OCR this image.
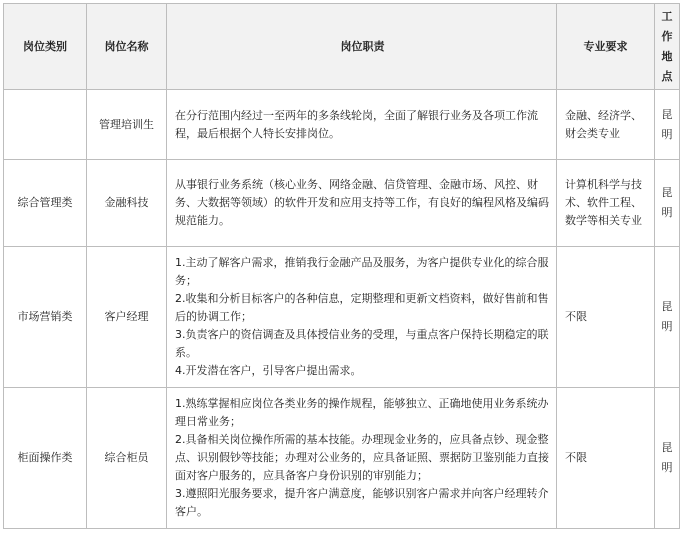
岗位类别	岗位名称	岗位职责	专业要求	工作地点
	管理培训生	在分行范围内经过一至两年的多条线轮岗，全面了解银行业务及各项工作流程，最后根据个人特长安排岗位。	金融、经济学、财会类专业	昆明
综合管理类	金融科技	从事银行业务系统（核心业务、网络金融、信贷管理、金融市场、风控、财务、大数据等领域）的软件开发和应用支持等工作，有良好的编程风格及编码规范能力。	计算机科学与技术、软件工程、数学等相关专业	昆明
市场营销类	客户经理	1.主动了解客户需求，推销我行金融产品及服务，为客户提供专业化的综合服务；
2.收集和分析目标客户的各种信息，定期整理和更新文档资料，做好售前和售后的协调工作；
3.负责客户的资信调查及具体授信业务的受理，与重点客户保持长期稳定的联系。
4.开发潜在客户，引导客户提出需求。	不限	昆明
柜面操作类	综合柜员	1.熟练掌握相应岗位各类业务的操作规程，能够独立、正确地使用业务系统办理日常业务；
2.具备相关岗位操作所需的基本技能。办理现金业务的，应具备点钞、现金整点、识别假钞等技能；办理对公业务的，应具备证照、票据防卫鉴别能力直接面对客户服务的，应具备客户身份识别的审别能力；
3.遵照阳光服务要求，提升客户满意度，能够识别客户需求并向客户经理转介客户。	不限	昆明
